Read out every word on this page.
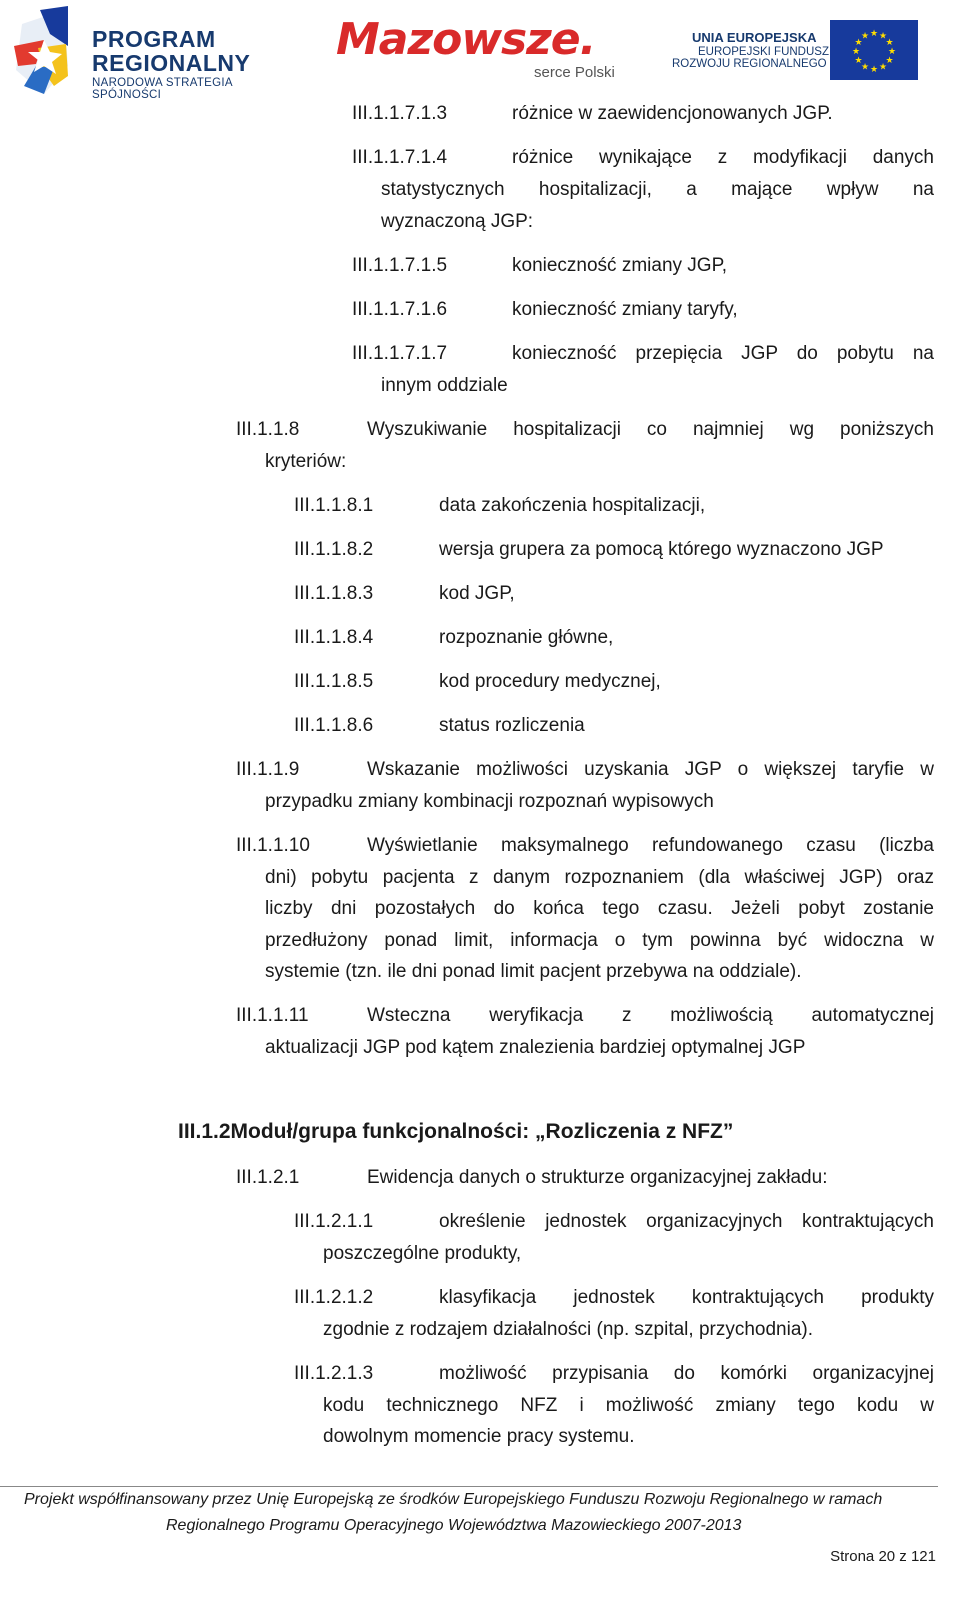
PROGRAM
REGIONALNY
NARODOWA STRATEGIA SPÓJNOŚCI
Mazowsze.
serce Polski
UNIA EUROPEJSKA
EUROPEJSKI FUNDUSZ
ROZWOJU REGIONALNEGO
★ ★
★
★
★
★
★
★
★
★
★
★
III.1.1.7.1.3	różnice w zaewidencjonowanych JGP.
III.1.1.7.1.4	różnice wynikające z modyfikacji danych
statystycznych hospitalizacji, a mające wpływ na
wyznaczoną JGP:
III.1.1.7.1.5	konieczność zmiany JGP,
III.1.1.7.1.6	konieczność zmiany taryfy,
III.1.1.7.1.7	konieczność przepięcia JGP do pobytu na
innym oddziale
III.1.1.8	Wyszukiwanie hospitalizacji co najmniej wg poniższych
kryteriów:
III.1.1.8.1	data zakończenia hospitalizacji,
III.1.1.8.2	wersja grupera za pomocą którego wyznaczono JGP
III.1.1.8.3	kod JGP,
III.1.1.8.4	rozpoznanie główne,
III.1.1.8.5	kod procedury medycznej,
III.1.1.8.6	status rozliczenia
III.1.1.9	Wskazanie możliwości uzyskania JGP o większej taryfie w
przypadku zmiany kombinacji rozpoznań wypisowych
III.1.1.10	Wyświetlanie maksymalnego refundowanego czasu (liczba
dni) pobytu pacjenta z danym rozpoznaniem (dla właściwej JGP) oraz
liczby dni pozostałych do końca tego czasu. Jeżeli pobyt zostanie
przedłużony ponad limit, informacja o tym powinna być widoczna w
systemie (tzn. ile dni ponad limit pacjent przebywa na oddziale).
III.1.1.11	Wsteczna weryfikacja z możliwością automatycznej
aktualizacji JGP pod kątem znalezienia bardziej optymalnej JGP
III.1.2Moduł/grupa funkcjonalności: „Rozliczenia z NFZ”
III.1.2.1	Ewidencja danych o strukturze organizacyjnej zakładu:
III.1.2.1.1	określenie jednostek organizacyjnych kontraktujących
poszczególne produkty,
III.1.2.1.2	klasyfikacja jednostek kontraktujących produkty
zgodnie z rodzajem działalności (np. szpital, przychodnia).
III.1.2.1.3	możliwość przypisania do komórki organizacyjnej
kodu technicznego NFZ i możliwość zmiany tego kodu w
dowolnym momencie pracy systemu.
Projekt współfinansowany przez Unię Europejską ze środków Europejskiego Funduszu Rozwoju Regionalnego w ramach
Regionalnego Programu Operacyjnego Województwa Mazowieckiego 2007-2013
Strona 20 z 121
